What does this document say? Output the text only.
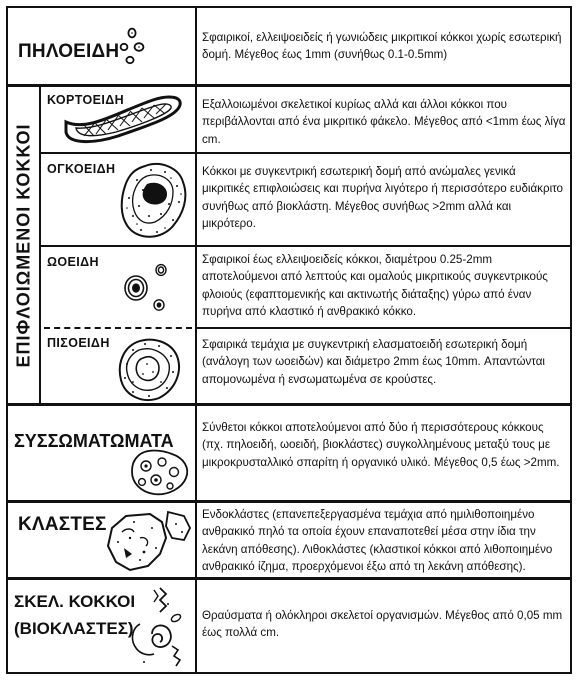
ΕΠΙΦΛΟΙΩΜΕΝΟΙ ΚΟΚΚΟΙ
ΠΗΛΟΕΙΔΗ
ΚΟΡΤΟΕΙΔΗ
ΟΓΚΟΕΙΔΗ
ΩΟΕΙΔΗ
ΠΙΣΟΕΙΔΗ
ΣΥΣΣΩΜΑΤΩΜΑΤΑ
ΚΛΑΣΤΕΣ
ΣΚΕΛ. ΚΟΚΚΟΙ
(ΒΙΟΚΛΑΣΤΕΣ)
Σφαιρικοί, ελλειψοειδείς ή γωνιώδεις μικριτικοί κόκκοι χωρίς εσωτερική δομή. Μέγεθος έως 1mm (συνήθως 0.1-0.5mm)
Εξαλλοιωμένοι σκελετικοί κυρίως αλλά και άλλοι κόκκοι που περιβάλλονται από ένα μικριτικό φάκελο. Μέγεθος από <1mm έως λίγα cm.
Κόκκοι με συγκεντρική εσωτερική δομή από ανώμαλες γενικά μικριτικές επιφλοιώσεις και πυρήνα λιγότερο ή περισσότερο ευδιάκριτο συνήθως από βιοκλάστη. Μέγεθος συνήθως >2mm αλλά και μικρότερο.
Σφαιρικοί έως ελλειψοειδείς κόκκοι, διαμέτρου 0.25-2mm αποτελούμενοι από λεπτούς και ομαλούς μικριτικούς συγκεντρικούς φλοιούς (εφαπτομενικής και ακτινωτής διάταξης) γύρω από έναν πυρήνα από κλαστικό ή ανθρακικό κόκκο.
Σφαιρικά τεμάχια με συγκεντρική ελασματοειδή εσωτερική δομή (ανάλογη των ωοειδών) και διάμετρο 2mm έως 10mm. Απαντώνται απομονωμένα ή ενσωματωμένα σε κρούστες.
Σύνθετοι κόκκοι αποτελούμενοι από δύο ή περισσότερους κόκκους (πχ. πηλοειδή, ωοειδή, βιοκλάστες) συγκολλημένους μεταξύ τους με μικροκρυσταλλικό σπαρίτη ή οργανικό υλικό. Μέγεθος 0,5 έως >2mm.
Ενδοκλάστες (επανεπεξεργασμένα τεμάχια από ημιλιθοποιημένο ανθρακικό πηλό τα οποία έχουν επαναποτεθεί μέσα στην ίδια την λεκάνη απόθεσης). Λιθοκλάστες (κλαστικοί κόκκοι από λιθοποιημένο ανθρακικό ίζημα, προερχόμενοι έξω από τη λεκάνη απόθεσης).
Θραύσματα ή ολόκληροι σκελετοί οργανισμών. Μέγεθος από 0,05 mm έως πολλά cm.
